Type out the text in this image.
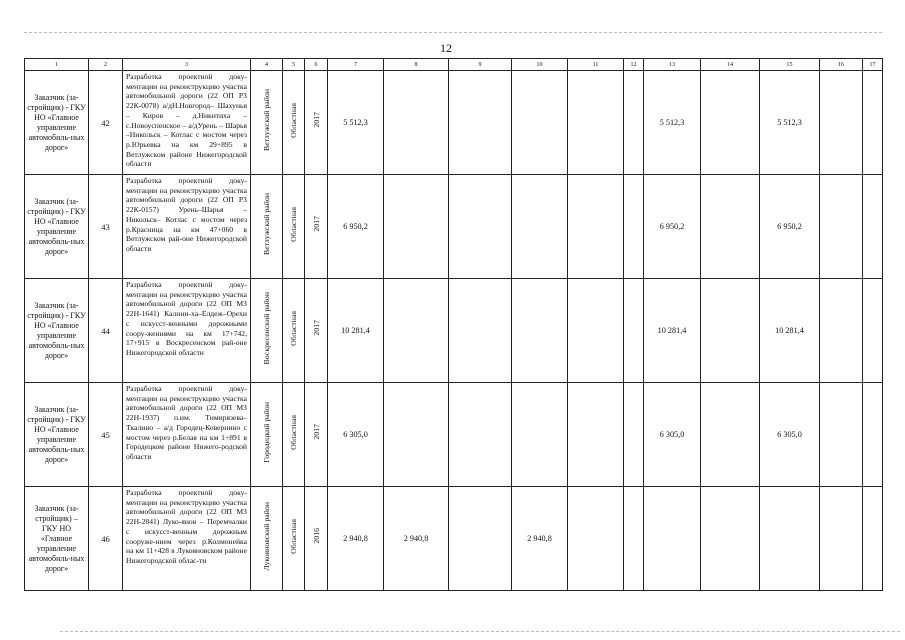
12
1	2	3	4	5	6	7	8	9	10	11	12	13	14	15	16	17
Заказчик (за-стройщик) - ГКУ НО «Главное управление автомобиль-ных дорог»	42	Разработка проектной доку-ментации на реконструкцию участка автомобильной дороги (22 ОП РЗ 22К-0078) а/дН.Новгород– Шахунья – Киров – д.Никитиха – с.Новоуспенское – а/дУрень – Шарья –Никольск – Котлас с мостом через р.Юрьевка на км 29+895 в Ветлужском районе Нижегородской области	Ветлужский район	Областная	2017	5 512,3						5 512,3		5 512,3		
Заказчик (за-стройщик) - ГКУ НО «Главное управление автомобиль-ных дорог»	43	Разработка проектной доку-ментации на реконструкцию участка автомобильной дороги (22 ОП РЗ 22К-0157) Урень–Шарья – Никольск– Котлас с мостом через р.Красница на км 47+060 в Ветлужском рай-оне Нижегородской области	Ветлужский район	Областная	2017	6 950,2						6 950,2		6 950,2		
Заказчик (за-стройщик) - ГКУ НО «Главное управление автомобиль-ных дорог»	44	Разработка проектной доку-ментации на реконструкцию участка автомобильной дороги (22 ОП МЗ 22Н-1641) Калини-ха–Елдеж–Орехи с искусст-венными дорожными соору-жениями на км 17+742, 17+915 в Воскресенском рай-оне Нижегородской области	Воскресенский район	Областная	2017	10 281,4						10 281,4		10 281,4		
Заказчик (за-стройщик) - ГКУ НО «Главное управление автомобиль-ных дорог»	45	Разработка проектной доку-ментации на реконструкцию участка автомобильной дороги (22 ОП МЗ 22Н-1937) п.им. Тимирязева–Ткалино – а/д Городец-Ковернино с мостом через р.Белая на км 1+891 в Городецком районе Нижего-родской области	Городецкий район	Областная	2017	6 305,0						6 305,0		6 305,0		
Заказчик (за-стройщик) – ГКУ НО «Главное управление автомобиль-ных дорог»	46	Разработка проектной доку-ментации на реконструкцию участка автомобильной дороги (22 ОП МЗ 22Н-2841) Луко-янов – Перемчалки с искусст-венным дорожным сооруже-нием через р.Колмонейка на км 11+428 в Лукояновском районе Нижегородской облас-ти	Лукояновский район	Областная	2016	2 940,8	2 940,8		2 940,8							
